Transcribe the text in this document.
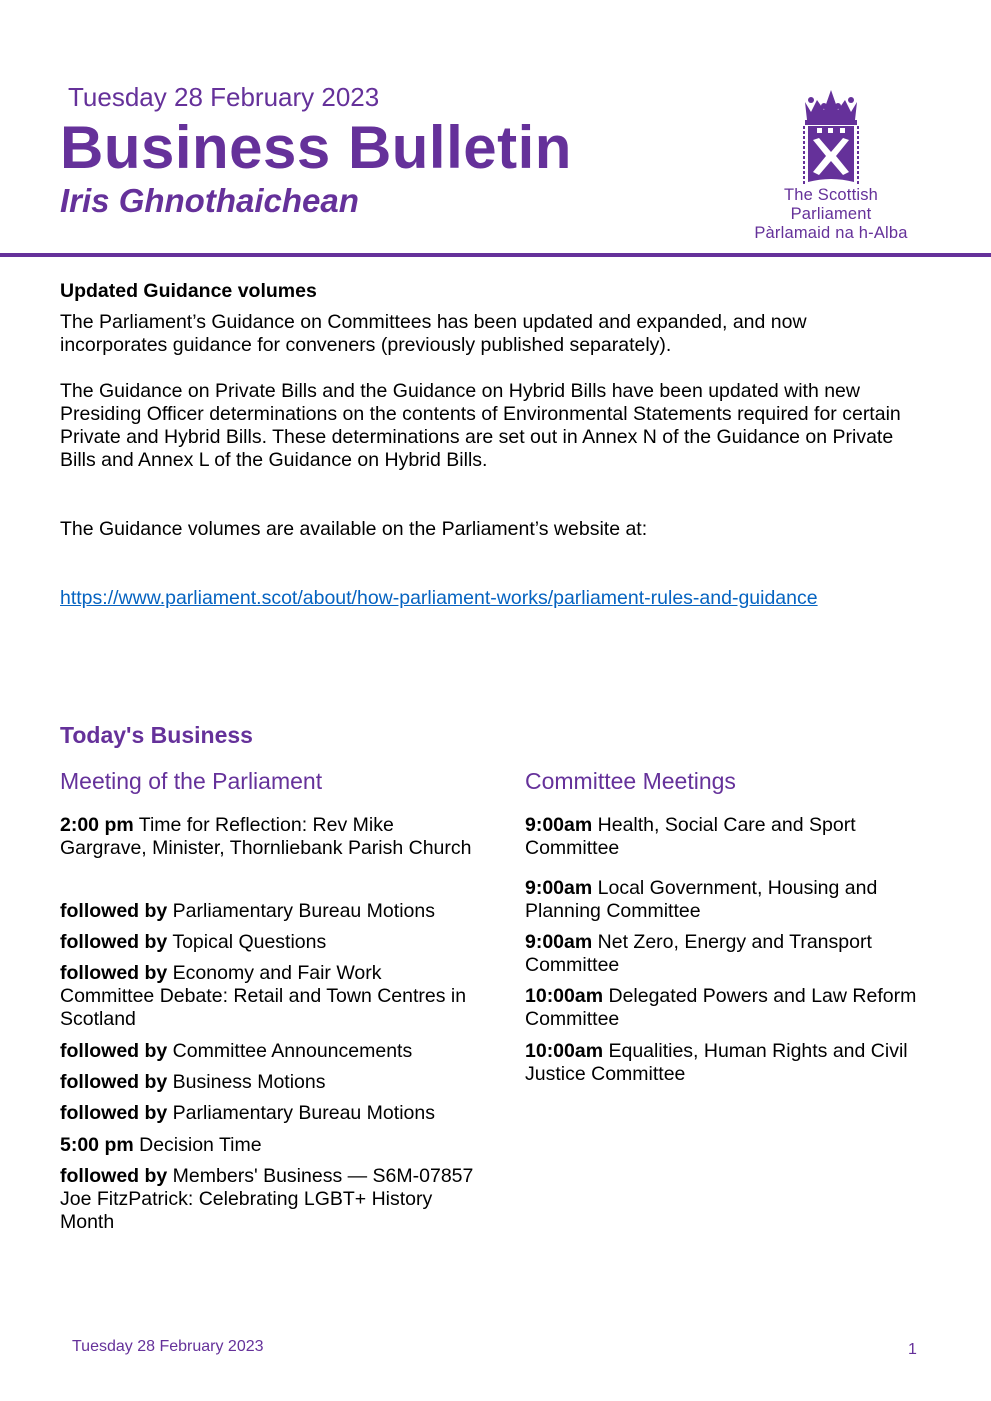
Tuesday 28 February 2023
Business Bulletin
Iris Ghnothaichean	The Scottish Parliament
Pàrlamaid na h-Alba
Updated Guidance volumes
The Parliament’s Guidance on Committees has been updated and expanded, and now incorporates guidance for conveners (previously published separately).
The Guidance on Private Bills and the Guidance on Hybrid Bills have been updated with new Presiding Officer determinations on the contents of Environmental Statements required for certain Private and Hybrid Bills. These determinations are set out in Annex N of the Guidance on Private Bills and Annex L of the Guidance on Hybrid Bills.
The Guidance volumes are available on the Parliament’s website at:
https://www.parliament.scot/about/how-parliament-works/parliament-rules-and-guidance
Today's Business
Meeting of the Parliament	Committee Meetings
2:00 pm Time for Reflection: Rev Mike Gargrave, Minister, Thornliebank Parish Church
followed by Parliamentary Bureau Motions
followed by Topical Questions
followed by Economy and Fair Work Committee Debate: Retail and Town Centres in Scotland
followed by Committee Announcements
followed by Business Motions
followed by Parliamentary Bureau Motions
5:00 pm Decision Time
followed by Members' Business — S6M-07857 Joe FitzPatrick: Celebrating LGBT+ History Month
9:00am Health, Social Care and Sport Committee
9:00am Local Government, Housing and Planning Committee
9:00am Net Zero, Energy and Transport Committee
10:00am Delegated Powers and Law Reform Committee
10:00am Equalities, Human Rights and Civil Justice Committee
Tuesday 28 February 2023	1
